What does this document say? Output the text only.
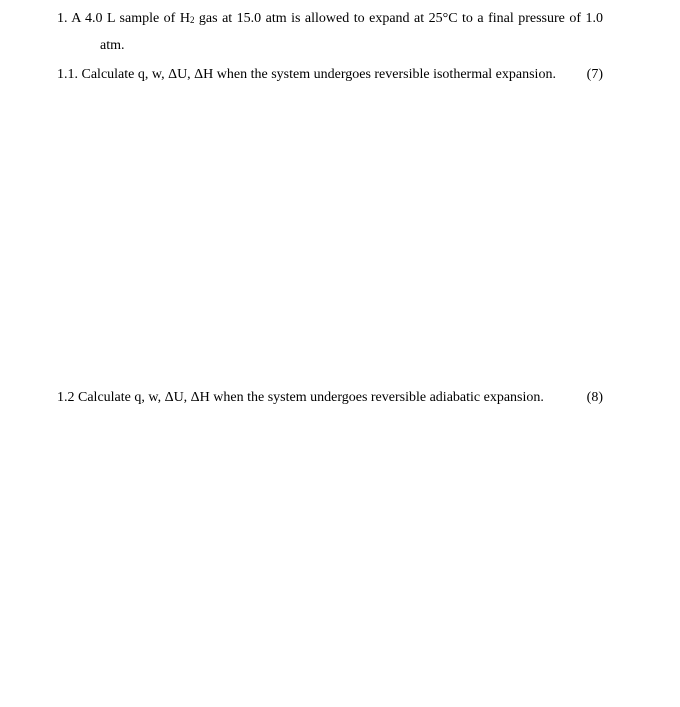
1. A 4.0 L sample of $H_2$ gas at 15.0 atm is allowed to expand at 25°C to a final pressure of 1.0
atm.
1.1. Calculate q, w, ΔU, ΔH when the system undergoes reversible isothermal expansion. (7)
1.2 Calculate q, w, ΔU, ΔH when the system undergoes reversible adiabatic expansion.	(8)
